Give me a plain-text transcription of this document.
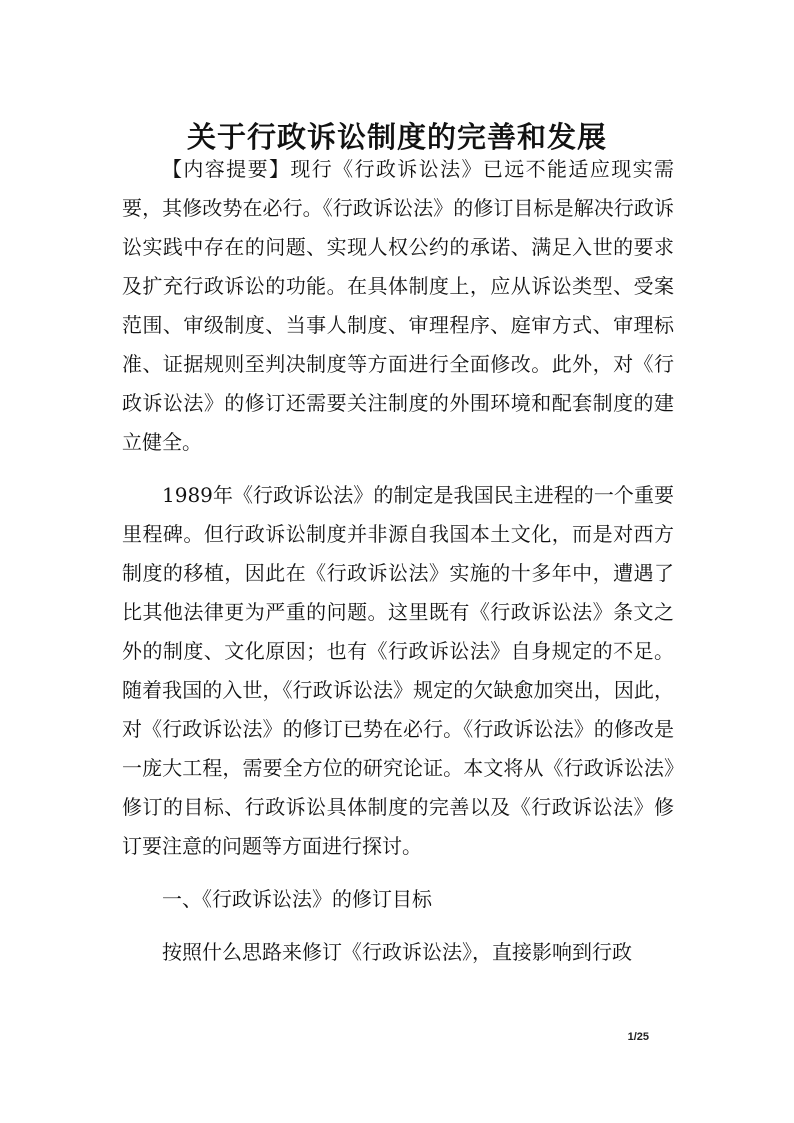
关于行政诉讼制度的完善和发展

【内容提要】现行《行政诉讼法》已远不能适应现实需要，其修改势在必行。《行政诉讼法》的修订目标是解决行政诉讼实践中存在的问题、实现人权公约的承诺、满足入世的要求及扩充行政诉讼的功能。在具体制度上，应从诉讼类型、受案范围、审级制度、当事人制度、审理程序、庭审方式、审理标准、证据规则至判决制度等方面进行全面修改。此外，对《行政诉讼法》的修订还需要关注制度的外围环境和配套制度的建立健全。

1989年《行政诉讼法》的制定是我国民主进程的一个重要里程碑。但行政诉讼制度并非源自我国本土文化，而是对西方制度的移植，因此在《行政诉讼法》实施的十多年中，遭遇了比其他法律更为严重的问题。这里既有《行政诉讼法》条文之外的制度、文化原因；也有《行政诉讼法》自身规定的不足。随着我国的入世，《行政诉讼法》规定的欠缺愈加突出，因此，对《行政诉讼法》的修订已势在必行。《行政诉讼法》的修改是一庞大工程，需要全方位的研究论证。本文将从《行政诉讼法》修订的目标、行政诉讼具体制度的完善以及《行政诉讼法》修订要注意的问题等方面进行探讨。

一、《行政诉讼法》的修订目标

按照什么思路来修订《行政诉讼法》，直接影响到行政

1/25
